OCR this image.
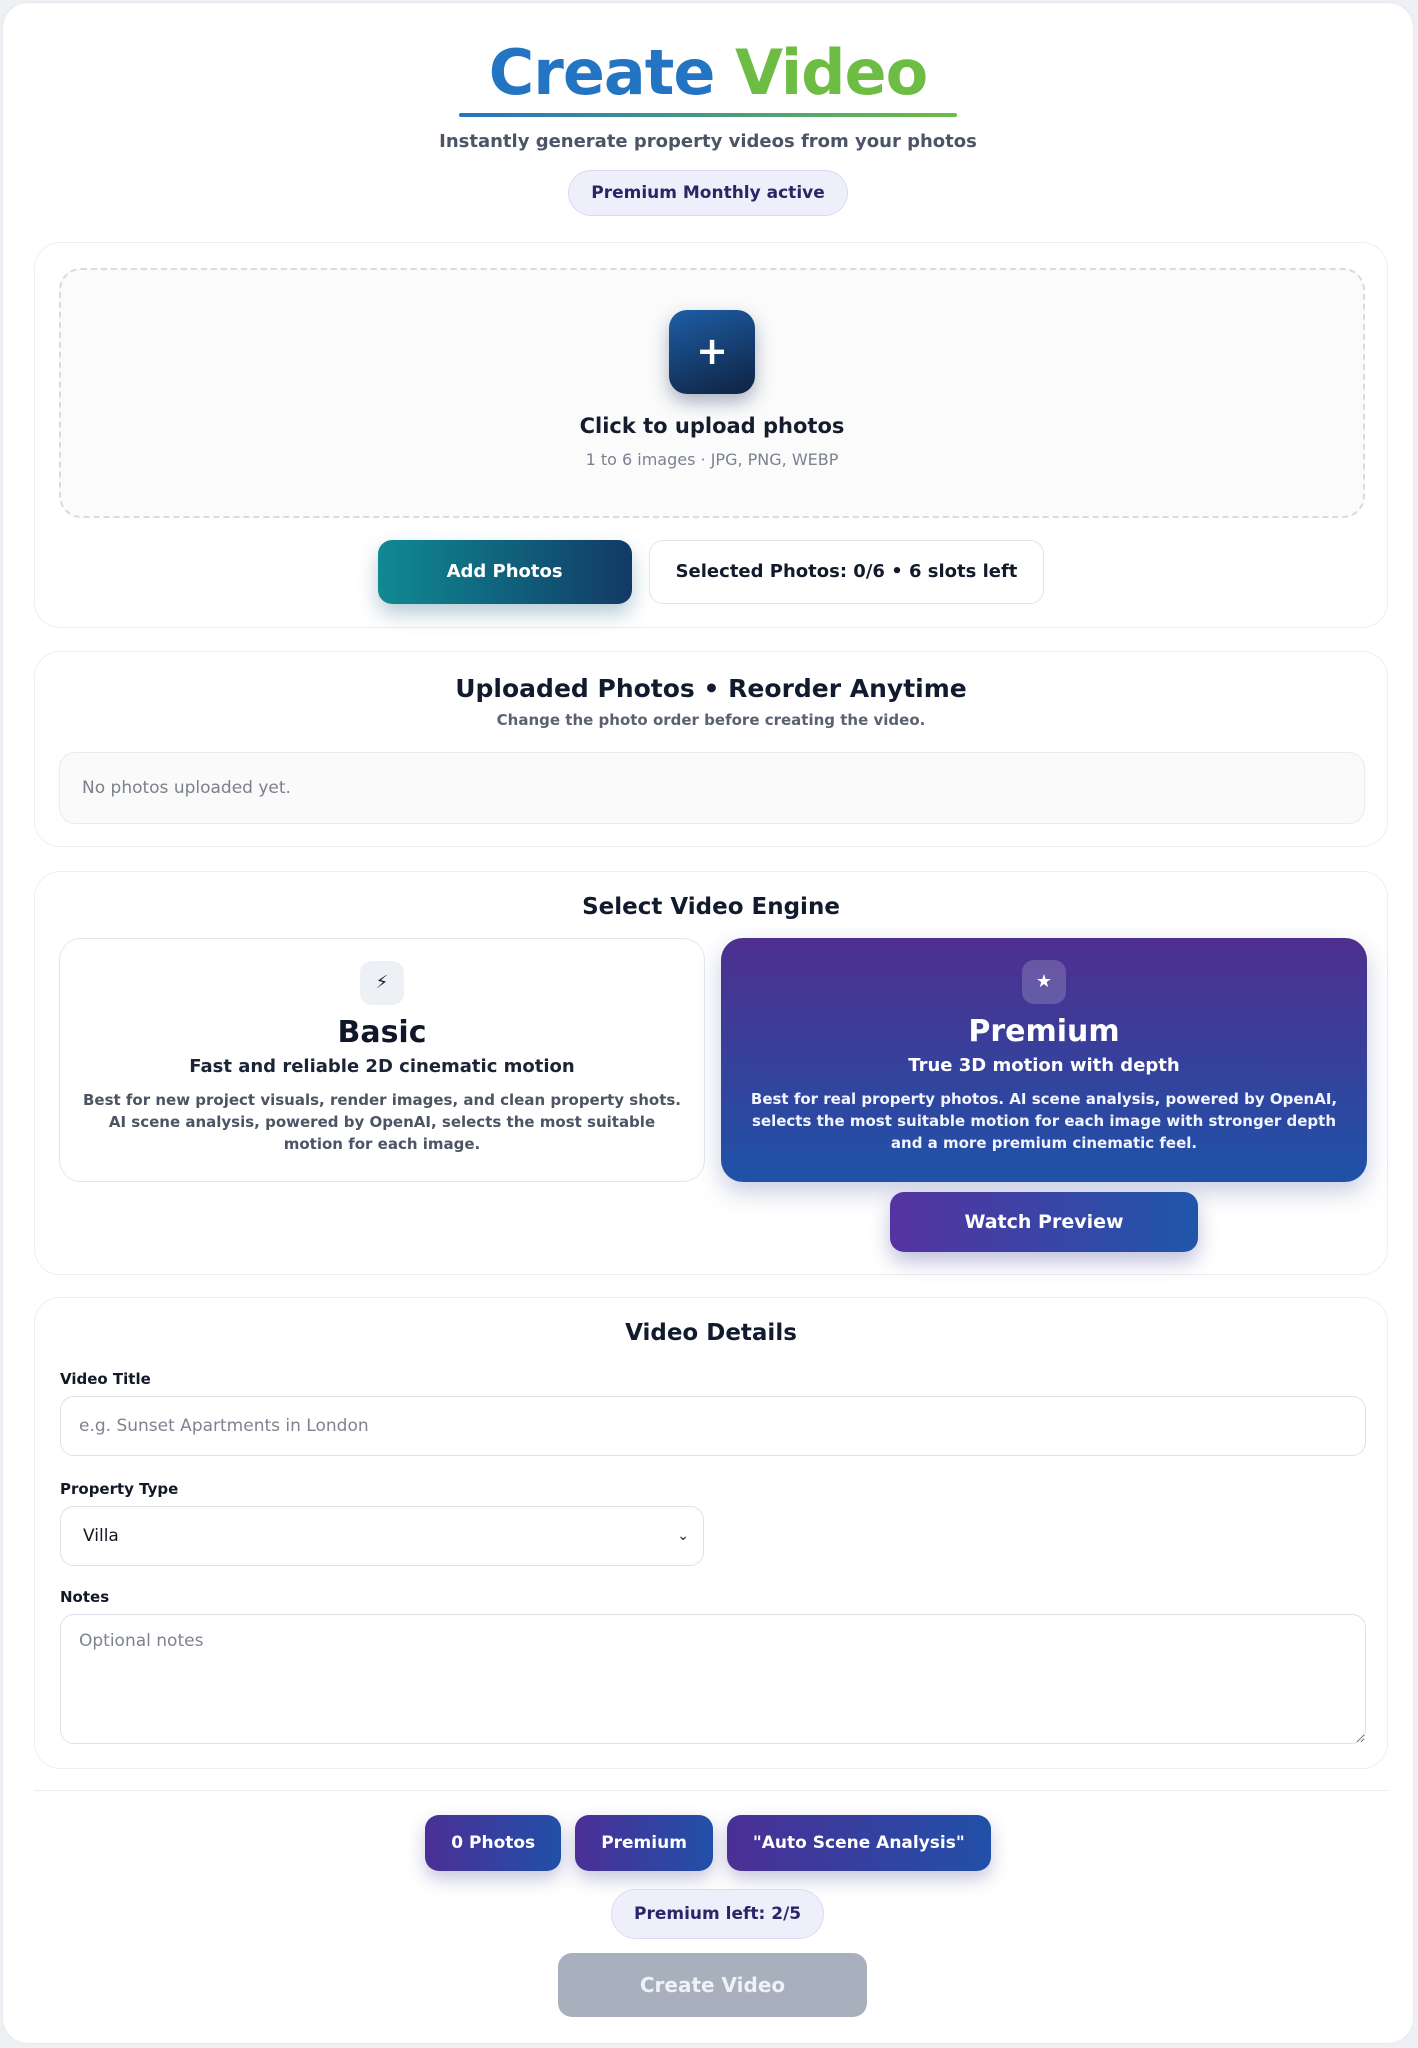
Create Video
Instantly generate property videos from your photos
Premium Monthly active
+
Click to upload photos
1 to 6 images · JPG, PNG, WEBP
Add Photos	Selected Photos: 0/6 • 6 slots left
Uploaded Photos • Reorder Anytime
Change the photo order before creating the video.
No photos uploaded yet.
Select Video Engine
⚡
Basic
Fast and reliable 2D cinematic motion
Best for new project visuals, render images, and clean property shots. AI scene analysis, powered by OpenAI, selects the most suitable motion for each image.
★
Premium
True 3D motion with depth
Best for real property photos. AI scene analysis, powered by OpenAI, selects the most suitable motion for each image with stronger depth and a more premium cinematic feel.
Watch Preview
Video Details
Video Title
e.g. Sunset Apartments in London
Property Type
Villa	⌄
Notes
Optional notes
0 Photos	Premium	"Auto Scene Analysis"
Premium left: 2/5
Create Video
